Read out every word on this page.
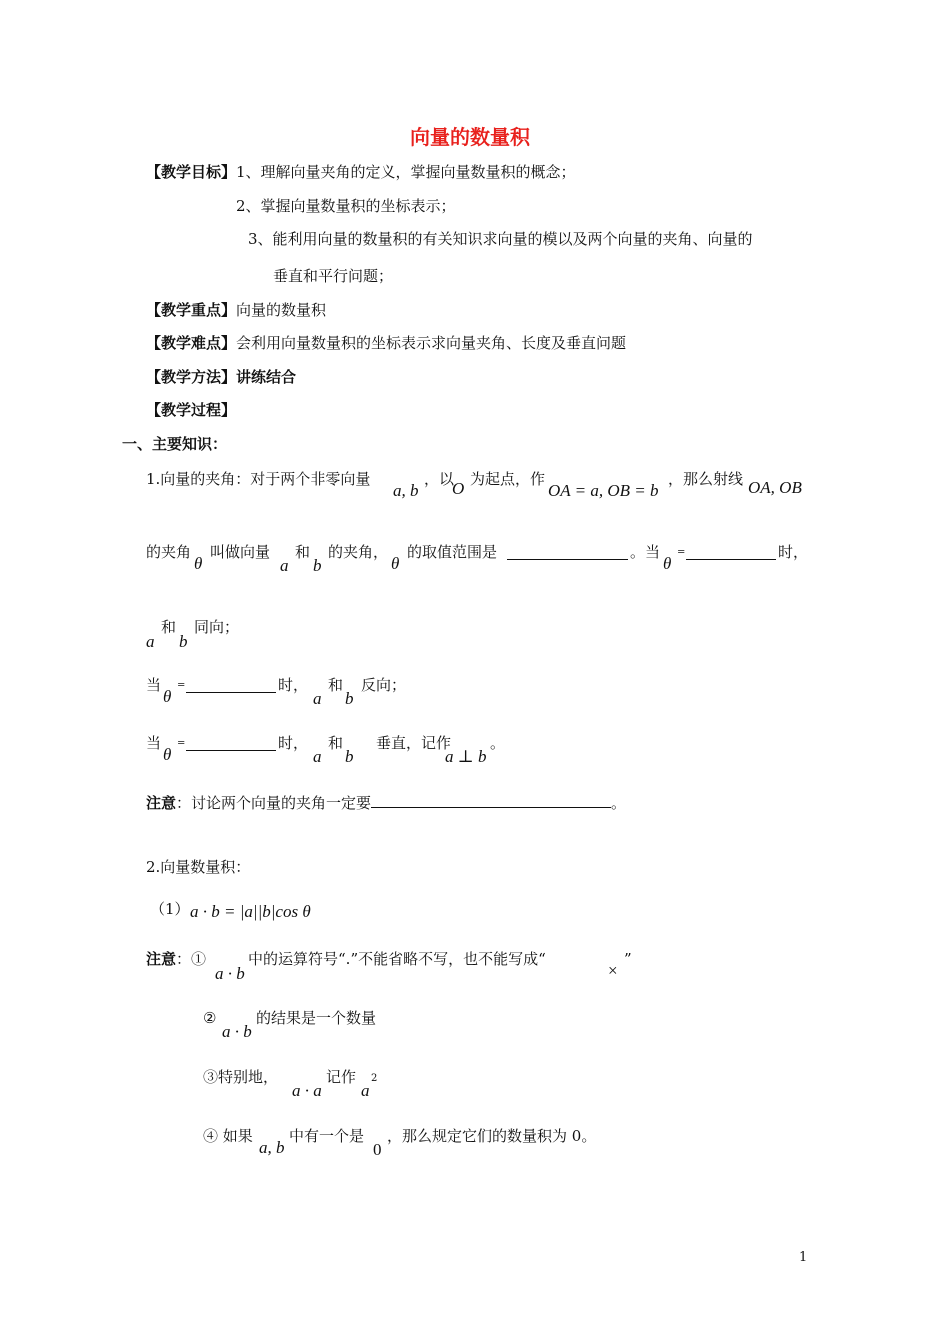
向量的数量积
【教学目标】1、理解向量夹角的定义，掌握向量数量积的概念；
2、掌握向量数量积的坐标表示；
3、能利用向量的数量积的有关知识求向量的模以及两个向量的夹角、向量的
垂直和平行问题；
【教学重点】向量的数量积
【教学难点】会利用向量数量积的坐标表示求向量夹角、长度及垂直问题
【教学方法】讲练结合
【教学过程】
一、主要知识：
1.向量的夹角：对于两个非零向量
a, b
，以
O 为起点，作
OA = a, OB = b
，那么射线 OA, OB
的夹角
θ
叫做向量
a
和
b
的夹角，
θ
的取值范围是	。当
θ
=	时，
a
和
b
同向；
当
θ
=	时，
a
和
b
反向；
当
θ
=	时，
a
和
b
垂直，记作
a ⊥ b
。
注意：讨论两个向量的夹角一定要	。
2.向量数量积：
（1） a · b = |a||b|cos θ
注意：①
a · b
中的运算符号“.”不能省略不写，也不能写成“
×
”
②
a · b
的结果是一个数量
③特别地，
a · a
记作
a
2
④ 如果
a, b
中有一个是
0
，那么规定它们的数量积为 0。
1
